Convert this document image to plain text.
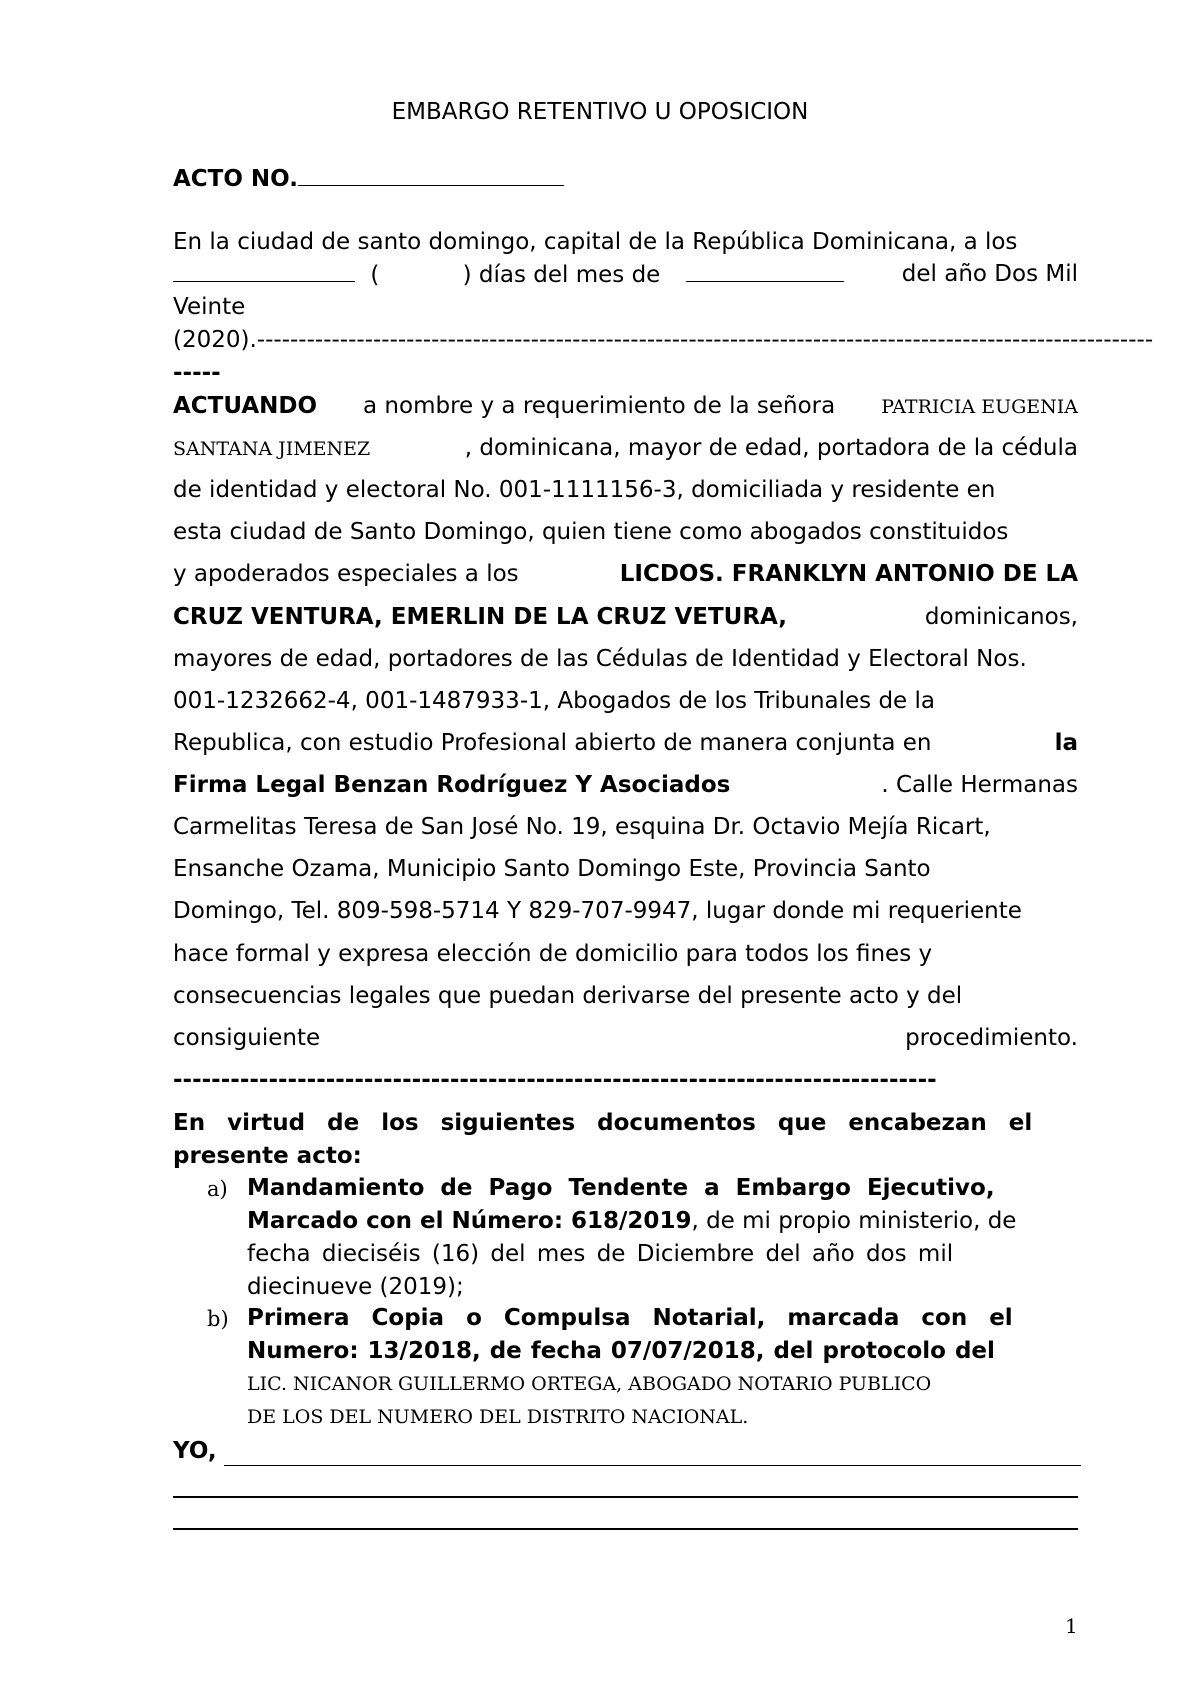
EMBARGO RETENTIVO U OPOSICION
ACTO NO.
En la ciudad de santo domingo, capital de la República Dominicana, a los
(	) días del mes de	del año Dos Mil
Veinte
(2020).------------------------------------------------------------------------------------------------------------
-----
ACTUANDO a nombre y a requerimiento de la señora PATRICIA EUGENIA
SANTANA JIMENEZ	, dominicana, mayor de edad, portadora de la cédula
de identidad y electoral No. 001-1111156-3, domiciliada y residente en
esta ciudad de Santo Domingo, quien tiene como abogados constituidos
y apoderados especiales a los	LICDOS. FRANKLYN ANTONIO DE LA
CRUZ VENTURA, EMERLIN DE LA CRUZ VETURA,	dominicanos,
mayores de edad, portadores de las Cédulas de Identidad y Electoral Nos.
001-1232662-4, 001-1487933-1, Abogados de los Tribunales de la
Republica, con estudio Profesional abierto de manera conjunta en	la
Firma Legal Benzan Rodríguez Y Asociados	. Calle Hermanas
Carmelitas Teresa de San José No. 19, esquina Dr. Octavio Mejía Ricart,
Ensanche Ozama, Municipio Santo Domingo Este, Provincia Santo
Domingo, Tel. 809-598-5714 Y 829-707-9947, lugar donde mi requeriente
hace formal y expresa elección de domicilio para todos los fines y
consecuencias legales que puedan derivarse del presente acto y del
consiguiente	procedimiento.
--------------------------------------------------------------------------------
En virtud de los siguientes documentos que encabezan el
presente acto:
a) Mandamiento de Pago Tendente a Embargo Ejecutivo,
Marcado con el Número: 618/2019, de mi propio ministerio, de
fecha dieciséis (16) del mes de Diciembre del año dos mil
diecinueve (2019);
b) Primera Copia o Compulsa Notarial, marcada con el
Numero: 13/2018, de fecha 07/07/2018, del protocolo del
LIC. NICANOR GUILLERMO ORTEGA, ABOGADO NOTARIO PUBLICO
DE LOS DEL NUMERO DEL DISTRITO NACIONAL.
YO,
1
